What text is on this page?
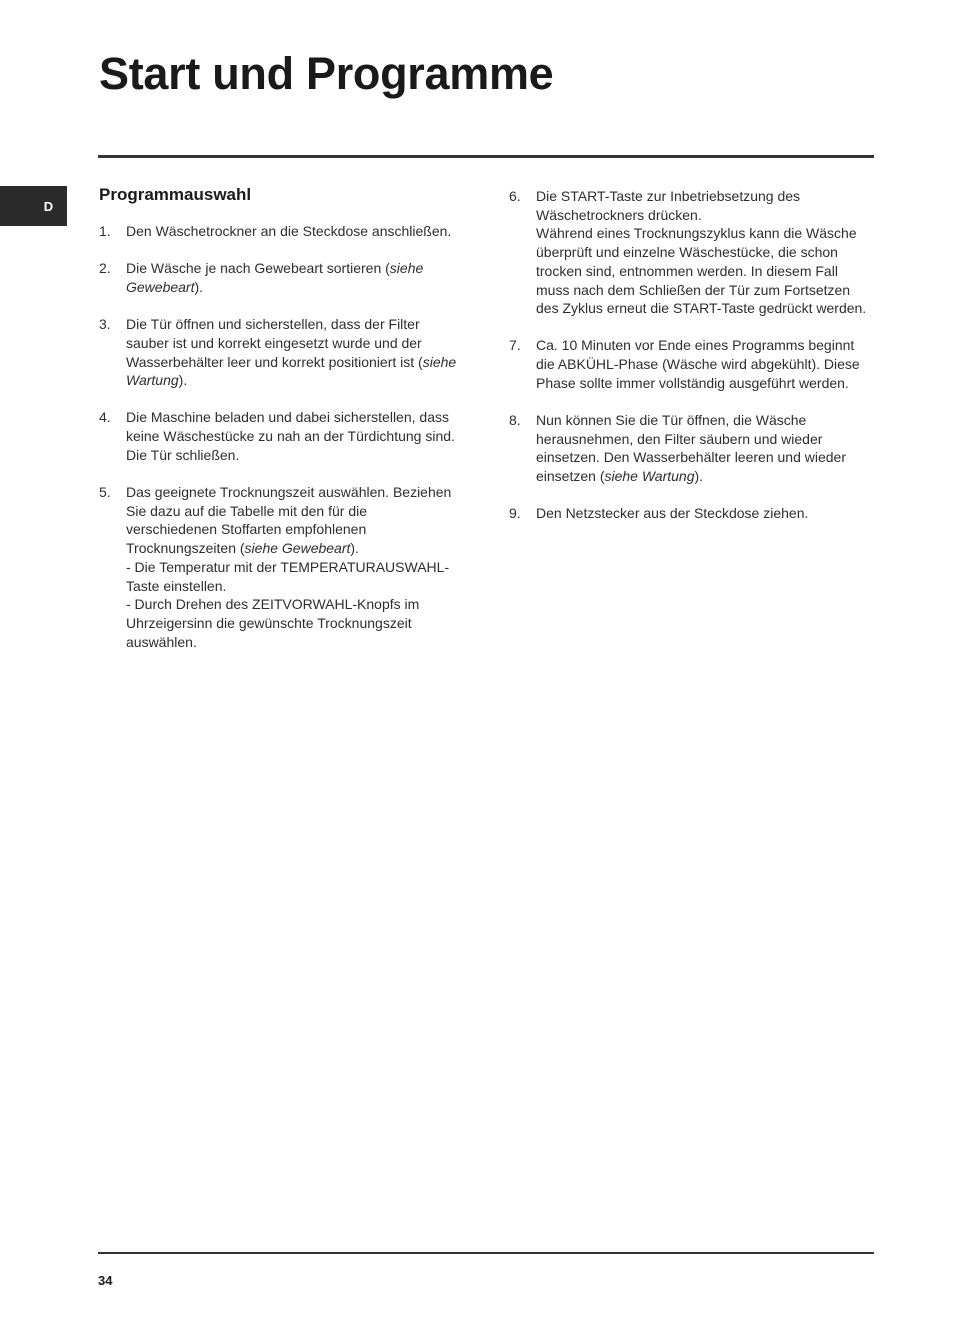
Start und Programme
D
Programmauswahl
1. Den Wäschetrockner an die Steckdose anschließen.
2. Die Wäsche je nach Gewebeart sortieren (siehe Gewebeart).
3. Die Tür öffnen und sicherstellen, dass der Filter sauber ist und korrekt eingesetzt wurde und der Wasserbehälter leer und korrekt positioniert ist (siehe Wartung).
4. Die Maschine beladen und dabei sicherstellen, dass keine Wäschestücke zu nah an der Türdichtung sind. Die Tür schließen.
5. Das geeignete Trocknungszeit auswählen. Beziehen Sie dazu auf die Tabelle mit den für die verschiedenen Stoffarten empfohlenen Trocknungszeiten (siehe Gewebeart).
- Die Temperatur mit der TEMPERATURAUSWAHL-Taste einstellen.
- Durch Drehen des ZEITVORWAHL-Knopfs im Uhrzeigersinn die gewünschte Trocknungszeit auswählen.
6. Die START-Taste zur Inbetriebsetzung des Wäschetrockners drücken.
Während eines Trocknungszyklus kann die Wäsche überprüft und einzelne Wäschestücke, die schon trocken sind, entnommen werden. In diesem Fall muss nach dem Schließen der Tür zum Fortsetzen des Zyklus erneut die START-Taste gedrückt werden.
7. Ca. 10 Minuten vor Ende eines Programms beginnt die ABKÜHL-Phase (Wäsche wird abgekühlt). Diese Phase sollte immer vollständig ausgeführt werden.
8. Nun können Sie die Tür öffnen, die Wäsche herausnehmen, den Filter säubern und wieder einsetzen. Den Wasserbehälter leeren und wieder einsetzen (siehe Wartung).
9. Den Netzstecker aus der Steckdose ziehen.
34
